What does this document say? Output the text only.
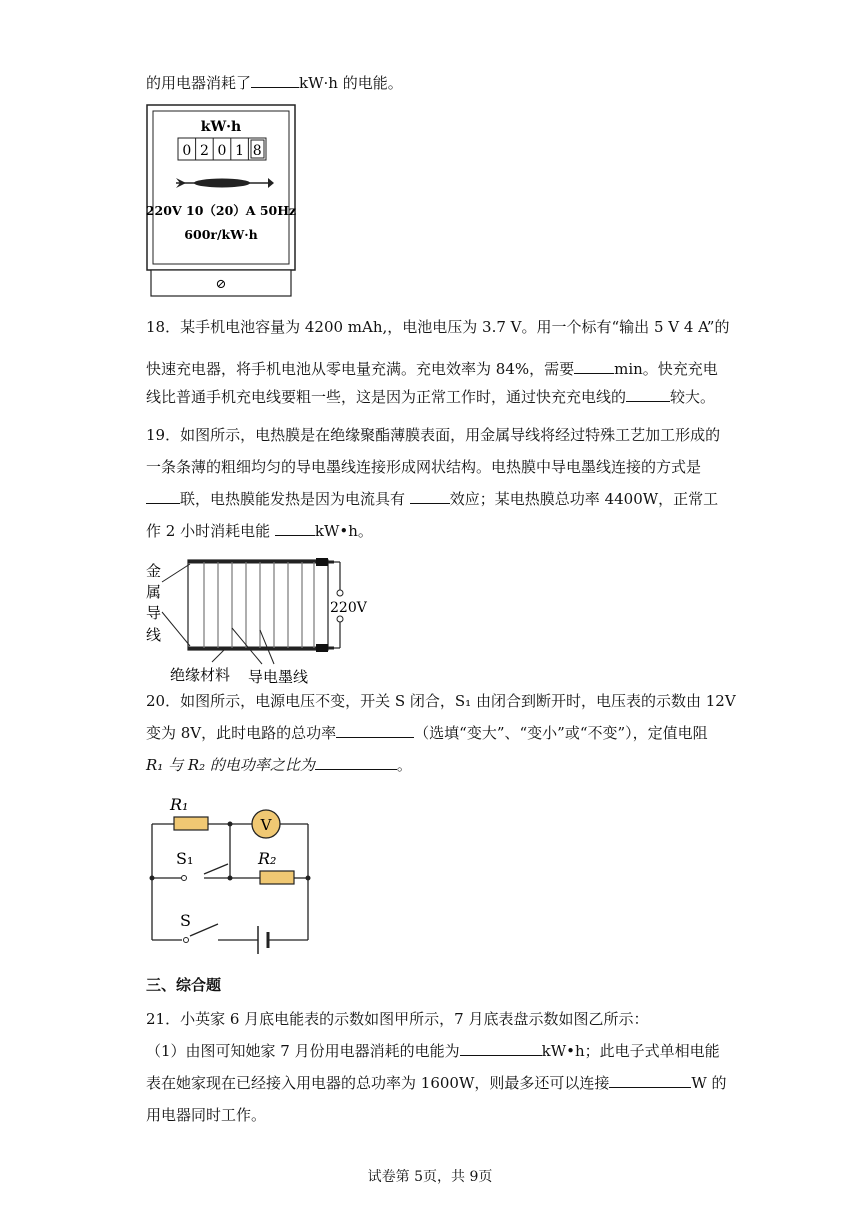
的用电器消耗了	kW·h 的电能。
kW·h
0 2 0 1 8
220V 10（20）A 50Hz
600r/kW·h
⊘
18．某手机电池容量为 4200 mAh,，电池电压为 3.7 V。用一个标有“输出 5 V 4 A”的
快速充电器，将手机电池从零电量充满。充电效率为 84%，需要	min。快充充电
线比普通手机充电线要粗一些，这是因为正常工作时，通过快充充电线的	较大。
19．如图所示，电热膜是在绝缘聚酯薄膜表面，用金属导线将经过特殊工艺加工形成的
一条条薄的粗细均匀的导电墨线连接形成网状结构。电热膜中导电墨线连接的方式是
联，电热膜能发热是因为电流具有	效应；某电热膜总功率 4400W，正常工
作 2 小时消耗电能	kW•h。
金
属
导
线
220V
绝缘材料 导电墨线
20．如图所示，电源电压不变，开关 S 闭合，S₁ 由闭合到断开时，电压表的示数由 12V
变为 8V，此时电路的总功率	（选填“变大”、“变小”或“不变”），定值电阻
R₁ 与 R₂ 的电功率之比为	。
V
R₁
R₂
S₁
S
三、综合题
21．小英家 6 月底电能表的示数如图甲所示，7 月底表盘示数如图乙所示：
（1）由图可知她家 7 月份用电器消耗的电能为	kW•h；此电子式单相电能
表在她家现在已经接入用电器的总功率为 1600W，则最多还可以连接	W 的
用电器同时工作。
试卷第 5页，共 9页
